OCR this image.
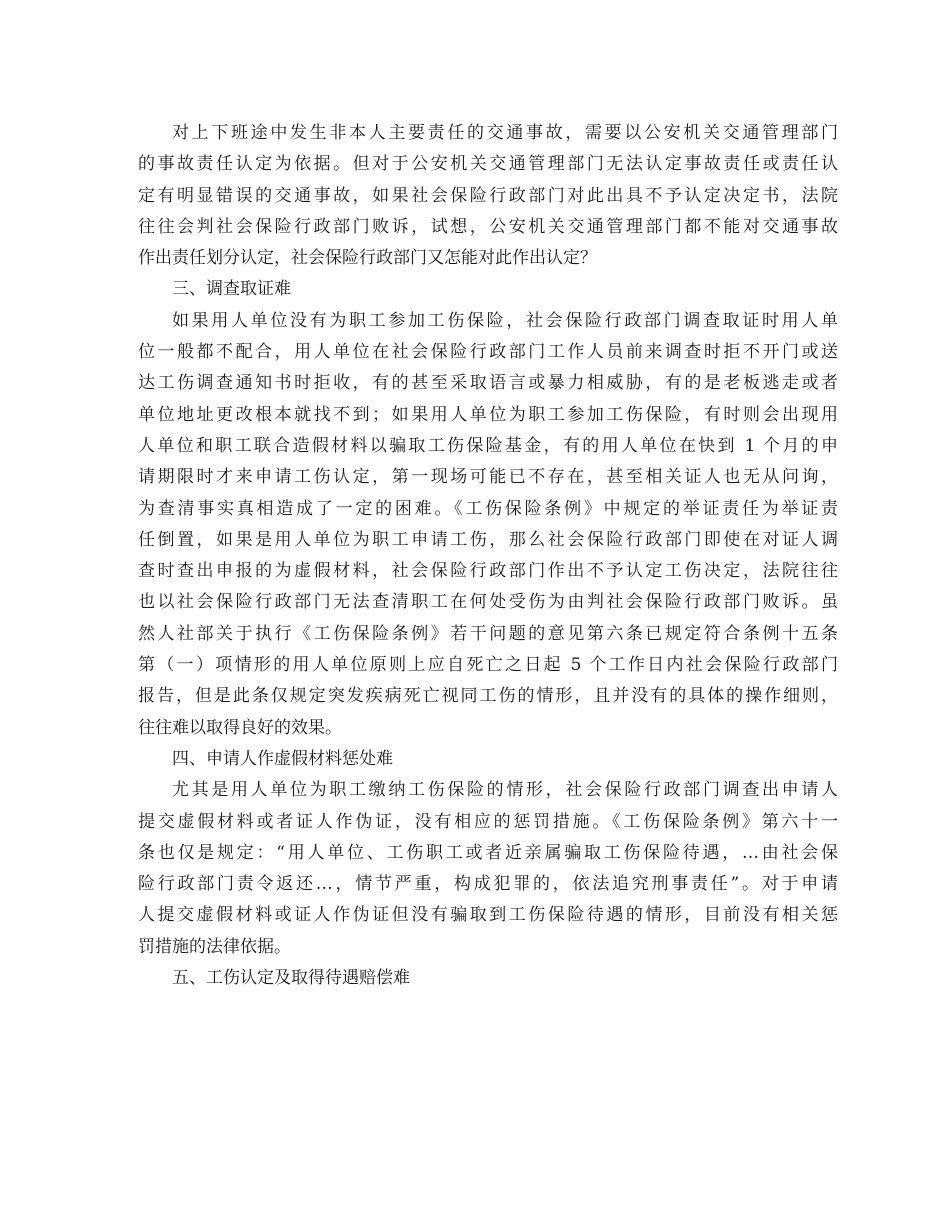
对上下班途中发生非本人主要责任的交通事故，需要以公安机关交通管理部门
的事故责任认定为依据。但对于公安机关交通管理部门无法认定事故责任或责任认
定有明显错误的交通事故，如果社会保险行政部门对此出具不予认定决定书，法院
往往会判社会保险行政部门败诉，试想，公安机关交通管理部门都不能对交通事故
作出责任划分认定，社会保险行政部门又怎能对此作出认定？
三、调查取证难
如果用人单位没有为职工参加工伤保险，社会保险行政部门调查取证时用人单
位一般都不配合，用人单位在社会保险行政部门工作人员前来调查时拒不开门或送
达工伤调查通知书时拒收，有的甚至采取语言或暴力相威胁，有的是老板逃走或者
单位地址更改根本就找不到；如果用人单位为职工参加工伤保险，有时则会出现用
人单位和职工联合造假材料以骗取工伤保险基金，有的用人单位在快到 1 个月的申
请期限时才来申请工伤认定，第一现场可能已不存在，甚至相关证人也无从问询，
为查清事实真相造成了一定的困难。《工伤保险条例》中规定的举证责任为举证责
任倒置，如果是用人单位为职工申请工伤，那么社会保险行政部门即使在对证人调
查时查出申报的为虚假材料，社会保险行政部门作出不予认定工伤决定，法院往往
也以社会保险行政部门无法查清职工在何处受伤为由判社会保险行政部门败诉。虽
然人社部关于执行《工伤保险条例》若干问题的意见第六条已规定符合条例十五条
第（一）项情形的用人单位原则上应自死亡之日起 5 个工作日内社会保险行政部门
报告，但是此条仅规定突发疾病死亡视同工伤的情形，且并没有的具体的操作细则，
往往难以取得良好的效果。
四、申请人作虚假材料惩处难
尤其是用人单位为职工缴纳工伤保险的情形，社会保险行政部门调查出申请人
提交虚假材料或者证人作伪证，没有相应的惩罚措施。《工伤保险条例》第六十一
条也仅是规定：“用人单位、工伤职工或者近亲属骗取工伤保险待遇，…由社会保
险行政部门责令返还…，情节严重，构成犯罪的，依法追究刑事责任”。对于申请
人提交虚假材料或证人作伪证但没有骗取到工伤保险待遇的情形，目前没有相关惩
罚措施的法律依据。
五、工伤认定及取得待遇赔偿难
